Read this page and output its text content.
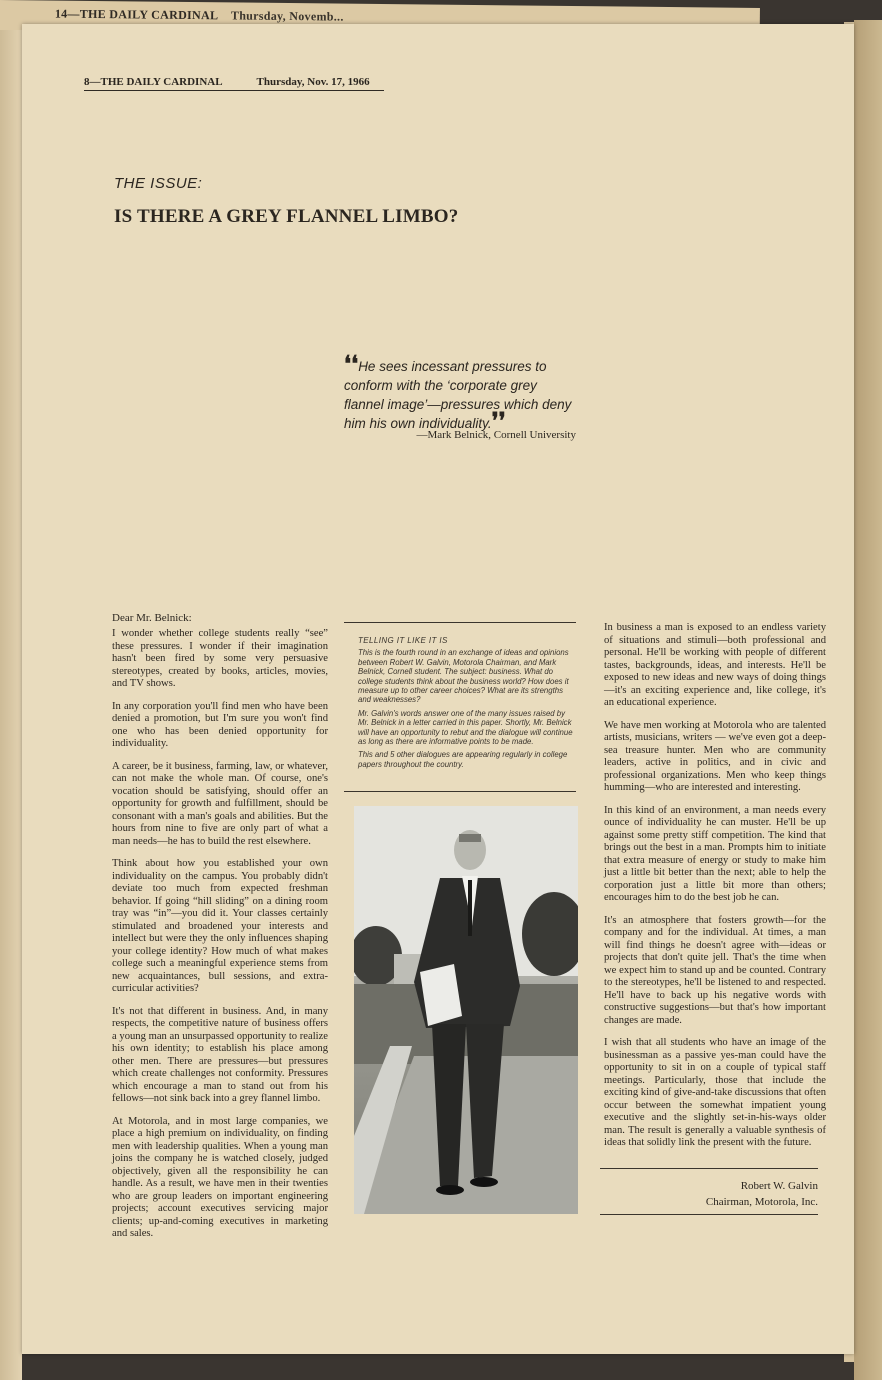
14—THE DAILY CARDINAL Thursday, Novemb...
8—THE DAILY CARDINAL	Thursday, Nov. 17, 1966
THE ISSUE:
IS THERE A GREY FLANNEL LIMBO?
❛❛He sees incessant pressures to conform with the ‘corporate grey flannel image’—pressures which deny him his own individuality.❜❜
—Mark Belnick, Cornell University
Dear Mr. Belnick:

I wonder whether college students really “see” these pressures. I wonder if their imagination hasn't been fired by some very persuasive stereotypes, created by books, articles, movies, and TV shows.

In any corporation you'll find men who have been denied a promotion, but I'm sure you won't find one who has been denied opportunity for individuality.

A career, be it business, farming, law, or whatever, can not make the whole man. Of course, one's vocation should be satisfying, should offer an opportunity for growth and fulfillment, should be consonant with a man's goals and abilities. But the hours from nine to five are only part of what a man needs—he has to build the rest elsewhere.

Think about how you established your own individuality on the campus. You probably didn't deviate too much from expected freshman behavior. If going “hill sliding” on a dining room tray was “in”—you did it. Your classes certainly stimulated and broadened your interests and intellect but were they the only influences shaping your college identity? How much of what makes college such a meaningful experience stems from new acquaintances, bull sessions, and extra-curricular activities?

It's not that different in business. And, in many respects, the competitive nature of business offers a young man an unsurpassed opportunity to realize his own identity; to establish his place among other men. There are pressures—but pressures which create challenges not conformity. Pressures which encourage a man to stand out from his fellows—not sink back into a grey flannel limbo.

At Motorola, and in most large companies, we place a high premium on individuality, on finding men with leadership qualities. When a young man joins the company he is watched closely, judged objectively, given all the responsibility he can handle. As a result, we have men in their twenties who are group leaders on important engineering projects; account executives servicing major clients; up-and-coming executives in marketing and sales.

TELLING IT LIKE IT IS

This is the fourth round in an exchange of ideas and opinions between Robert W. Galvin, Motorola Chairman, and Mark Belnick, Cornell student. The subject: business. What do college students think about the business world? How does it measure up to other career choices? What are its strengths and weaknesses?

Mr. Galvin's words answer one of the many issues raised by Mr. Belnick in a letter carried in this paper. Shortly, Mr. Belnick will have an opportunity to rebut and the dialogue will continue as long as there are informative points to be made.

This and 5 other dialogues are appearing regularly in college papers throughout the country.

In business a man is exposed to an endless variety of situations and stimuli—both professional and personal. He'll be working with people of different tastes, backgrounds, ideas, and interests. He'll be exposed to new ideas and new ways of doing things—it's an exciting experience and, like college, it's an educational experience.

We have men working at Motorola who are talented artists, musicians, writers — we've even got a deep-sea treasure hunter. Men who are community leaders, active in politics, and in civic and professional organizations. Men who keep things humming—who are interested and interesting.

In this kind of an environment, a man needs every ounce of individuality he can muster. He'll be up against some pretty stiff competition. The kind that brings out the best in a man. Prompts him to initiate that extra measure of energy or study to make him just a little bit better than the next; able to help the corporation just a little bit more than others; encourages him to do the best job he can.

It's an atmosphere that fosters growth—for the company and for the individual. At times, a man will find things he doesn't agree with—ideas or projects that don't quite jell. That's the time when we expect him to stand up and be counted. Contrary to the stereotypes, he'll be listened to and respected. He'll have to back up his negative words with constructive suggestions—but that's how important changes are made.

I wish that all students who have an image of the businessman as a passive yes-man could have the opportunity to sit in on a couple of typical staff meetings. Particularly, those that include the exciting kind of give-and-take discussions that often occur between the somewhat impatient young executive and the slightly set-in-his-ways older man. The result is generally a valuable synthesis of ideas that solidly link the present with the future.

Robert W. Galvin
Chairman, Motorola, Inc.
